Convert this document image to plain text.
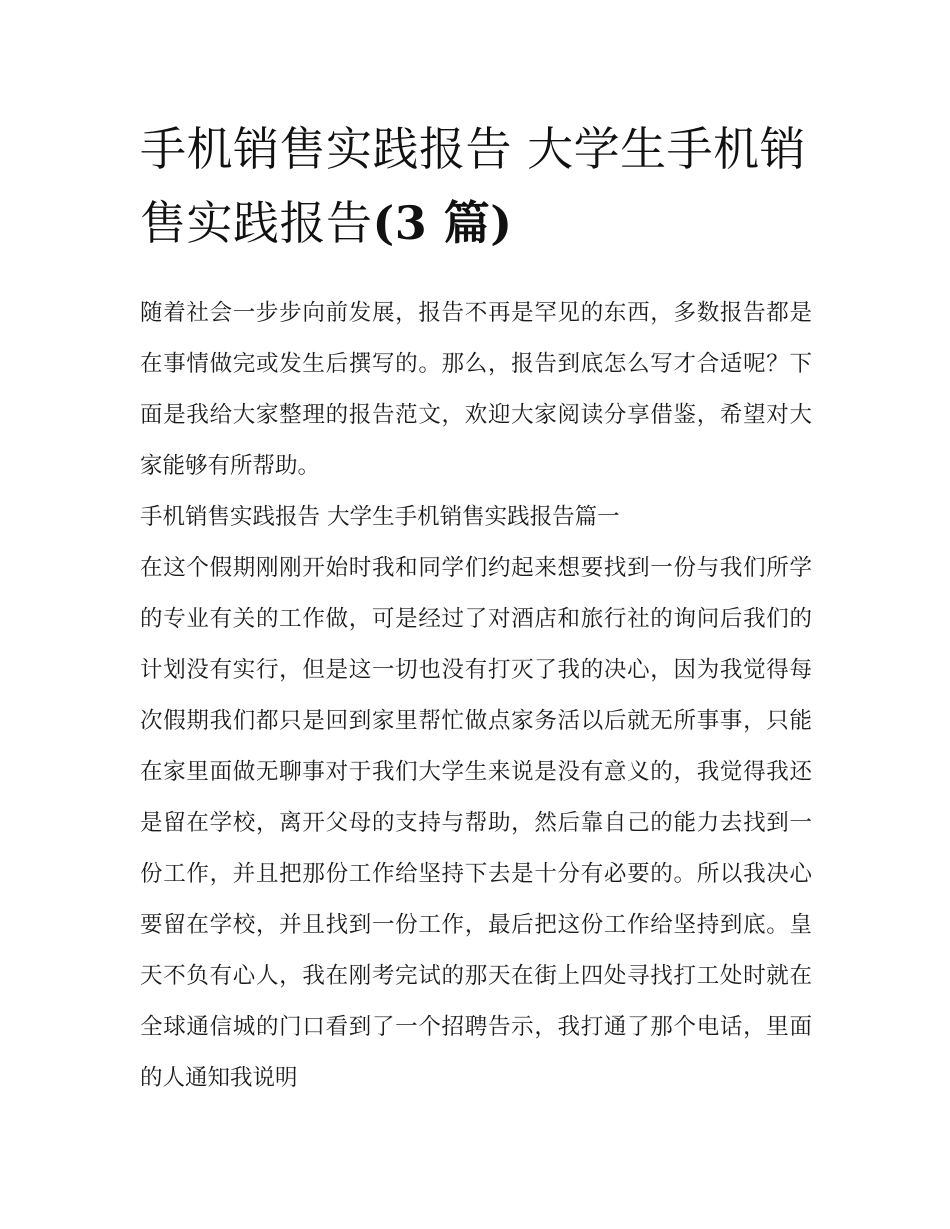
手机销售实践报告 大学生手机销售实践报告(3 篇)

随着社会一步步向前发展，报告不再是罕见的东西，多数报告都是在事情做完或发生后撰写的。那么，报告到底怎么写才合适呢？下面是我给大家整理的报告范文，欢迎大家阅读分享借鉴，希望对大家能够有所帮助。

手机销售实践报告 大学生手机销售实践报告篇一

在这个假期刚刚开始时我和同学们约起来想要找到一份与我们所学的专业有关的工作做，可是经过了对酒店和旅行社的询问后我们的计划没有实行，但是这一切也没有打灭了我的决心，因为我觉得每次假期我们都只是回到家里帮忙做点家务活以后就无所事事，只能在家里面做无聊事对于我们大学生来说是没有意义的，我觉得我还是留在学校，离开父母的支持与帮助，然后靠自己的能力去找到一份工作，并且把那份工作给坚持下去是十分有必要的。所以我决心要留在学校，并且找到一份工作，最后把这份工作给坚持到底。皇天不负有心人，我在刚考完试的那天在街上四处寻找打工处时就在全球通信城的门口看到了一个招聘告示，我打通了那个电话，里面的人通知我说明
